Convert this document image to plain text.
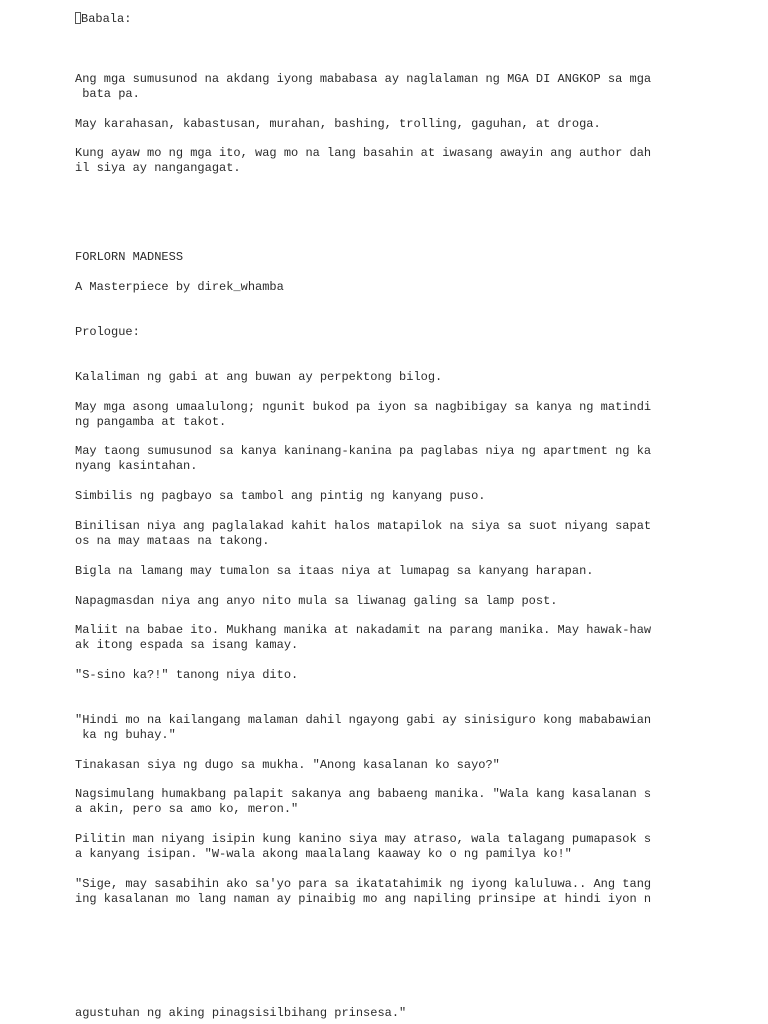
Babala:
Ang mga sumusunod na akdang iyong mababasa ay naglalaman ng MGA DI ANGKOP sa mga
bata pa.
May karahasan, kabastusan, murahan, bashing, trolling, gaguhan, at droga.
Kung ayaw mo ng mga ito, wag mo na lang basahin at iwasang awayin ang author dah
il siya ay nangangagat.
FORLORN MADNESS
A Masterpiece by direk_whamba
Prologue:
Kalaliman ng gabi at ang buwan ay perpektong bilog.
May mga asong umaalulong; ngunit bukod pa iyon sa nagbibigay sa kanya ng matindi
ng pangamba at takot.
May taong sumusunod sa kanya kaninang-kanina pa paglabas niya ng apartment ng ka
nyang kasintahan.
Simbilis ng pagbayo sa tambol ang pintig ng kanyang puso.
Binilisan niya ang paglalakad kahit halos matapilok na siya sa suot niyang sapat
os na may mataas na takong.
Bigla na lamang may tumalon sa itaas niya at lumapag sa kanyang harapan.
Napagmasdan niya ang anyo nito mula sa liwanag galing sa lamp post.
Maliit na babae ito. Mukhang manika at nakadamit na parang manika. May hawak-haw
ak itong espada sa isang kamay.
"S-sino ka?!" tanong niya dito.
"Hindi mo na kailangang malaman dahil ngayong gabi ay sinisiguro kong mababawian
ka ng buhay."
Tinakasan siya ng dugo sa mukha. "Anong kasalanan ko sayo?"
Nagsimulang humakbang palapit sakanya ang babaeng manika. "Wala kang kasalanan s
a akin, pero sa amo ko, meron."
Pilitin man niyang isipin kung kanino siya may atraso, wala talagang pumapasok s
a kanyang isipan. "W-wala akong maalalang kaaway ko o ng pamilya ko!"
"Sige, may sasabihin ako sa'yo para sa ikatatahimik ng iyong kaluluwa.. Ang tang
ing kasalanan mo lang naman ay pinaibig mo ang napiling prinsipe at hindi iyon n
agustuhan ng aking pinagsisilbihang prinsesa."
